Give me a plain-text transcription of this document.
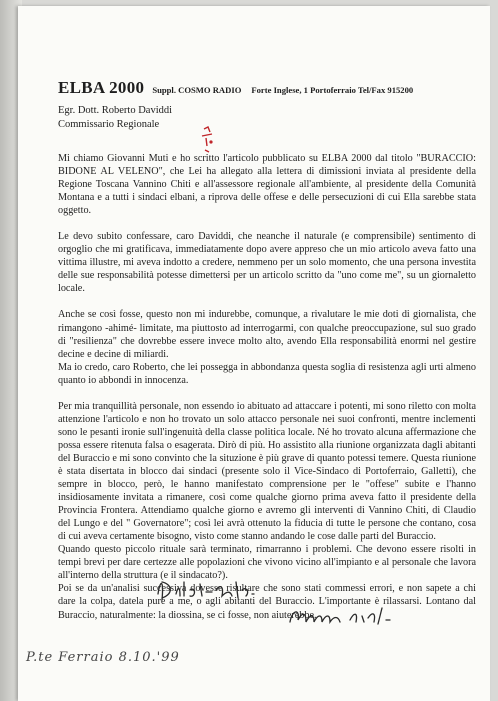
ELBA 2000 Suppl. COSMO RADIO Forte Inglese, 1 Portoferraio Tel/Fax 915200
Egr. Dott. Roberto Daviddi
Commissario Regionale

Mi chiamo Giovanni Muti e ho scritto l'articolo pubblicato su ELBA 2000 dal titolo "BURACCIO: BIDONE AL VELENO", che Lei ha allegato alla lettera di dimissioni inviata al presidente della Regione Toscana Vannino Chiti e all'assessore regionale all'ambiente, al presidente della Comunità Montana e a tutti i sindaci elbani, a riprova delle offese e delle persecuzioni di cui Ella sarebbe stata oggetto.

Le devo subito confessare, caro Daviddi, che neanche il naturale (e comprensibile) sentimento di orgoglio che mi gratificava, immediatamente dopo avere appreso che un mio articolo aveva fatto una vittima illustre, mi aveva indotto a credere, nemmeno per un solo momento, che una persona investita delle sue responsabilità potesse dimettersi per un articolo scritto da "uno come me", su un giornaletto locale.

Anche se così fosse, questo non mi indurebbe, comunque, a rivalutare le mie doti di giornalista, che rimangono -ahimé- limitate, ma piuttosto ad interrogarmi, con qualche preoccupazione, sul suo grado di "resilienza" che dovrebbe essere invece molto alto, avendo Ella responsabilità enormi nel gestire decine e decine di miliardi.

Ma io credo, caro Roberto, che lei possegga in abbondanza questa soglia di resistenza agli urti almeno quanto io abbondi in innocenza.

Per mia tranquillità personale, non essendo io abituato ad attaccare i potenti, mi sono riletto con molta attenzione l'articolo e non ho trovato un solo attacco personale nei suoi confronti, mentre inclementi sono le pesanti ironie sull'ingenuità della classe politica locale. Né ho trovato alcuna affermazione che possa essere ritenuta falsa o esagerata. Dirò di più. Ho assistito alla riunione organizzata dagli abitanti del Buraccio e mi sono convinto che la situzione è più grave di quanto potessi temere. Questa riunione è stata disertata in blocco dai sindaci (presente solo il Vice-Sindaco di Portoferraio, Galletti), che sempre in blocco, però, le hanno manifestato comprensione per le "offese" subite e l'hanno insidiosamente invitata a rimanere, così come qualche giorno prima aveva fatto il presidente della Provincia Frontera. Attendiamo qualche giorno e avremo gli interventi di Vannino Chiti, di Claudio del Lungo e del " Governatore"; così lei avrà ottenuto la fiducia di tutte le persone che contano, cosa di cui aveva certamente bisogno, visto come stanno andando le cose dalle parti del Buraccio.

Quando questo piccolo rituale sarà terminato, rimarranno i problemi. Che devono essere risolti in tempi brevi per dare certezze alle popolazioni che vivono vicino all'impianto e al personale che lavora all'interno della struttura (e il sindacato?).

Poi se da un'analisi successiva dovesse risultare che sono stati commessi errori, e non sapete a chi dare la colpa, datela pure a me, o agli abitanti del Buraccio. L'importante è rilassarsi. Lontano dal Buraccio, naturalmente: la diossina, se ci fosse, non aiuterebbe.

P.te Ferraio 8.10.'99
